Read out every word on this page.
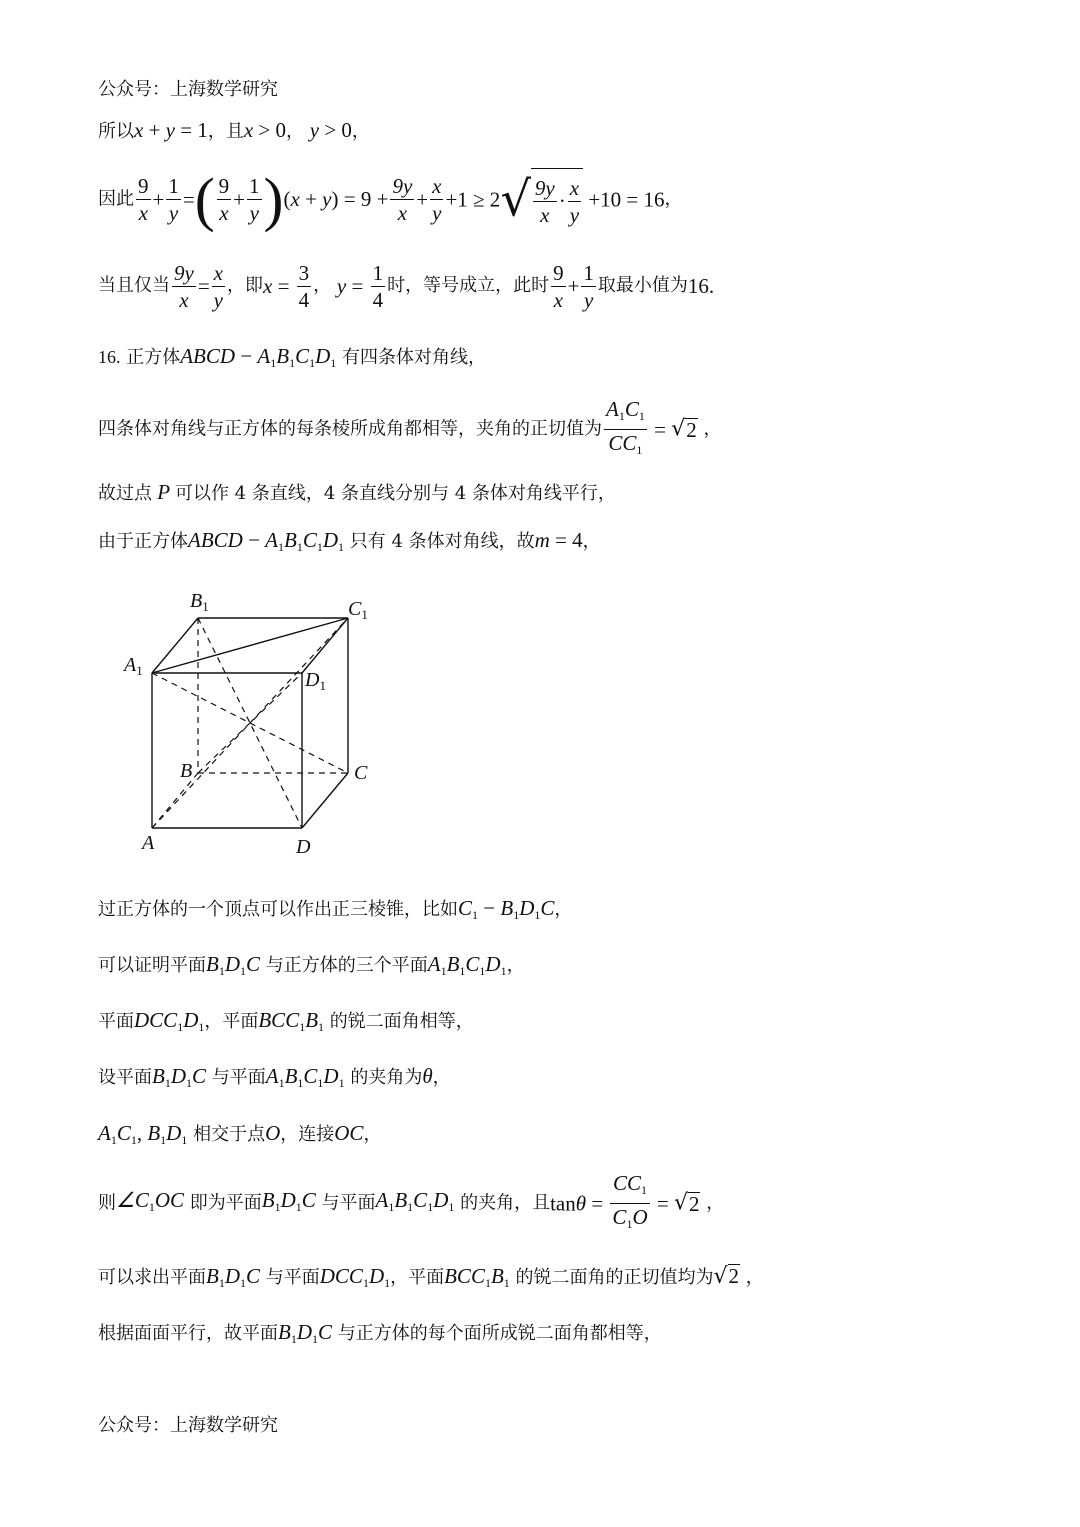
公众号：上海数学研究
所以x + y = 1，且x > 0， y > 0，
因此 $\frac{9}{x} + \frac{1}{y}$ =( $\frac{9}{x} + \frac{1}{y} )(x + y) = 9 + \frac{9y}{x} + \frac{x}{y} +1 \ge 2√ \frac{9y}{x} \cdot \frac{x}{y} +10 = 16$，
当且仅当 $\frac{9y}{x} = \frac{x}{y}$ ，即$x = \frac{3}{4}$ ， $y = \frac{1}{4}$ 时，等号成立，此时 $\frac{9}{x} + \frac{1}{y}$ 取最小值为16.
16. 正方体ABCD − $A_1B_1C_1D_1$ 有四条体对角线，
四条体对角线与正方体的每条棱所成角都相等，夹角的正切值为 $\frac{A_1C_1}{CC_1} = √2$ ，
故过点 P 可以作 4 条直线，4 条直线分别与 4 条体对角线平行，
由于正方体ABCD − $A_1B_1C_1D_1$ 只有 4 条体对角线，故m = 4，
$B_1$	$C_1$
$A_1$	$D_1$
B	C
A	D
过正方体的一个顶点可以作出正三棱锥，比如$C_1 - B_1D_1C$，
可以证明平面$B_1D_1C$ 与正方体的三个平面$A_1B_1C_1D_1$，
平面$DCC_1D_1$，平面$BCC_1B_1$ 的锐二面角相等，
设平面$B_1D_1C$ 与平面$A_1B_1C_1D_1$ 的夹角为θ，
$A_1C_1$, $B_1D_1$ 相交于点O，连接OC，
则$\angle C_1OC$ 即为平面$B_1D_1C$ 与平面$A_1B_1C_1D_1$ 的夹角，且$\tan\theta = \frac{CC_1}{C_1O} = √2$ ，
可以求出平面$B_1D_1C$ 与平面$DCC_1D_1$，平面$BCC_1B_1$ 的锐二面角的正切值均为√2 ，
根据面面平行，故平面$B_1D_1C$ 与正方体的每个面所成锐二面角都相等，
公众号：上海数学研究
